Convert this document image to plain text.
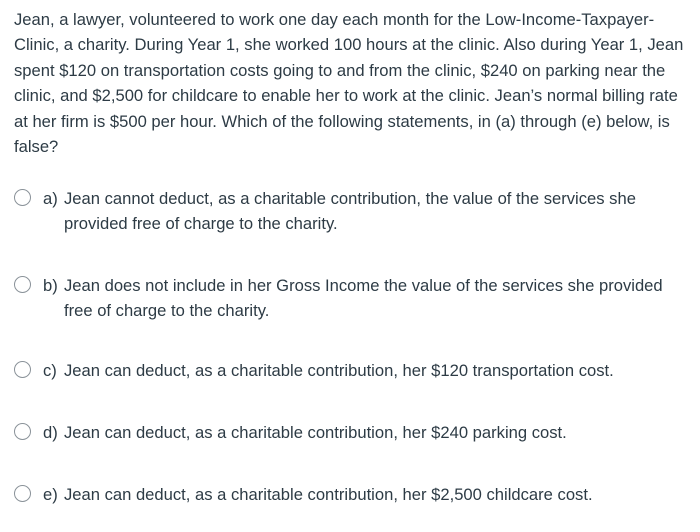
Jean, a lawyer, volunteered to work one day each month for the Low-Income-Taxpayer-Clinic, a charity. During Year 1, she worked 100 hours at the clinic. Also during Year 1, Jean spent $120 on transportation costs going to and from the clinic, $240 on parking near the clinic, and $2,500 for childcare to enable her to work at the clinic. Jean’s normal billing rate at her firm is $500 per hour. Which of the following statements, in (a) through (e) below, is false?

a) Jean cannot deduct, as a charitable contribution, the value of the services she provided free of charge to the charity.
b) Jean does not include in her Gross Income the value of the services she provided free of charge to the charity.
c) Jean can deduct, as a charitable contribution, her $120 transportation cost.
d) Jean can deduct, as a charitable contribution, her $240 parking cost.
e) Jean can deduct, as a charitable contribution, her $2,500 childcare cost.
